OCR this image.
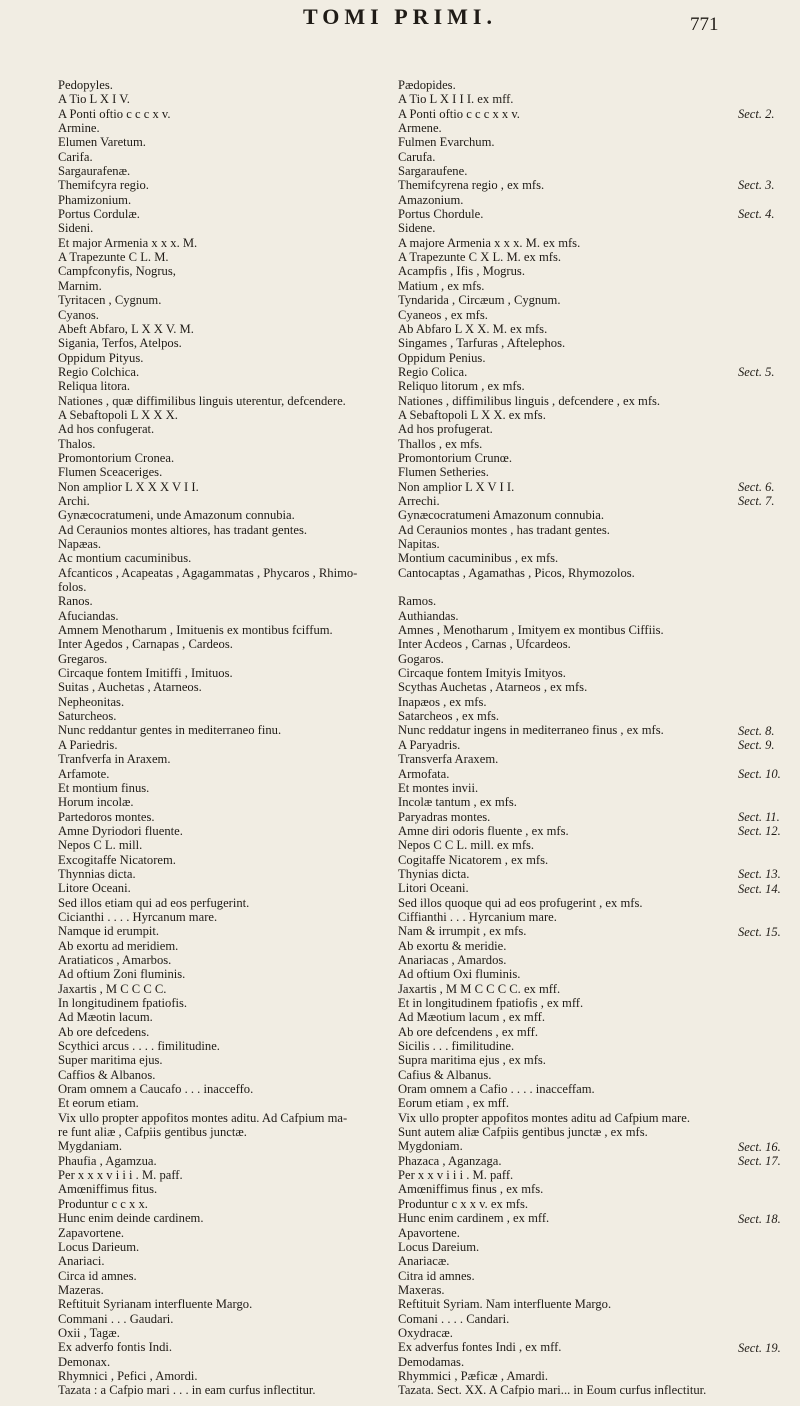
TOMI PRIMI.	771
Pedopyles.
A Tio L X I V.
A Ponti oftio c c c x v.
Armine.
Elumen Varetum.
Carifa.
Sargaurafenæ.
Themifcyra regio.
Phamizonium.
Portus Cordulæ.
Sideni.
Et major Armenia x x x. M.
A Trapezunte C L. M.
Campfconyfis, Nogrus,
Marnim.
Tyritacen , Cygnum.
Cyanos.
Abeft Abfaro, L X X V. M.
Sigania, Terfos, Atelpos.
Oppidum Pityus.
Regio Colchica.
Reliqua litora.
Nationes , quæ diffimilibus linguis uterentur, defcendere.
A Sebaftopoli L X X X.
Ad hos confugerat.
Thalos.
Promontorium Cronea.
Flumen Sceaceriges.
Non amplior L X X X V I I.
Archi.
Gynæcocratumeni, unde Amazonum connubia.
Ad Ceraunios montes altiores, has tradant gentes.
Napæas.
Ac montium cacuminibus.
Afcanticos , Acapeatas , Agagammatas , Phycaros , Rhimo-
folos.
Ranos.
Afuciandas.
Amnem Menotharum , Imituenis ex montibus fciffum.
Inter Agedos , Carnapas , Cardeos.
Gregaros.
Circaque fontem Imitiffi , Imituos.
Suitas , Auchetas , Atarneos.
Nepheonitas.
Saturcheos.
Nunc reddantur gentes in mediterraneo finu.
A Pariedris.
Tranfverfa in Araxem.
Arfamote.
Et montium finus.
Horum incolæ.
Partedoros montes.
Amne Dyriodori fluente.
Nepos C L. mill.
Excogitaffe Nicatorem.
Thynnias dicta.
Litore Oceani.
Sed illos etiam qui ad eos perfugerint.
Cicianthi . . . . Hyrcanum mare.
Namque id erumpit.
Ab exortu ad meridiem.
Aratiaticos , Amarbos.
Ad oftium Zoni fluminis.
Jaxartis , M C C C C.
In longitudinem fpatiofis.
Ad Mæotin lacum.
Ab ore defcedens.
Scythici arcus . . . . fimilitudine.
Super maritima ejus.
Caffios & Albanos.
Oram omnem a Caucafo . . . inacceffo.
Et eorum etiam.
Vix ullo propter appofitos montes aditu. Ad Cafpium ma-
re funt aliæ , Cafpiis gentibus junctæ.
Mygdaniam.
Phaufia , Agamzua.
Per x x x v i i i . M. paff.
Amœniffimus fitus.
Produntur c c x x.
Hunc enim deinde cardinem.
Zapavortene.
Locus Darieum.
Anariaci.
Circa id amnes.
Mazeras.
Reftituit Syrianam interfluente Margo.
Commani . . . Gaudari.
Oxii , Tagæ.
Ex adverfo fontis Indi.
Demonax.
Rhymnici , Pefici , Amordi.
Tazata : a Cafpio mari . . . in eam curfus inflectitur.
Pædopides.
A Tio L X I I I. ex mff.
A Ponti oftio c c c x x v.
Armene.
Fulmen Evarchum.
Carufa.
Sargaraufene.
Themifcyrena regio , ex mfs.
Amazonium.
Portus Chordule.
Sidene.
A majore Armenia x x x. M. ex mfs.
A Trapezunte C X L. M. ex mfs.
Acampfis , Ifis , Mogrus.
Matium , ex mfs.
Tyndarida , Circæum , Cygnum.
Cyaneos , ex mfs.
Ab Abfaro L X X. M. ex mfs.
Singames , Tarfuras , Aftelephos.
Oppidum Penius.
Regio Colica.
Reliquo litorum , ex mfs.
Nationes , diffimilibus linguis , defcendere , ex mfs.
A Sebaftopoli L X X. ex mfs.
Ad hos profugerat.
Thallos , ex mfs.
Promontorium Crunœ.
Flumen Setheries.
Non amplior L X V I I.
Arrechi.
Gynæcocratumeni Amazonum connubia.
Ad Ceraunios montes , has tradant gentes.
Napitas.
Montium cacuminibus , ex mfs.
Cantocaptas , Agamathas , Picos, Rhymozolos.
Ramos.
Authiandas.
Amnes , Menotharum , Imityem ex montibus Ciffiis.
Inter Acdeos , Carnas , Ufcardeos.
Gogaros.
Circaque fontem Imityis Imityos.
Scythas Auchetas , Atarneos , ex mfs.
Inapæos , ex mfs.
Satarcheos , ex mfs.
Nunc reddatur ingens in mediterraneo finus , ex mfs.
A Paryadris.
Transverfa Araxem.
Armofata.
Et montes invii.
Incolæ tantum , ex mfs.
Paryadras montes.
Amne diri odoris fluente , ex mfs.
Nepos C C L. mill. ex mfs.
Cogitaffe Nicatorem , ex mfs.
Thynias dicta.
Litori Oceani.
Sed illos quoque qui ad eos profugerint , ex mfs.
Ciffianthi . . . Hyrcanium mare.
Nam & irrumpit , ex mfs.
Ab exortu & meridie.
Anariacas , Amardos.
Ad oftium Oxi fluminis.
Jaxartis , M M C C C C. ex mff.
Et in longitudinem fpatiofis , ex mff.
Ad Mæotium lacum , ex mff.
Ab ore defcendens , ex mff.
Sicilis . . . fimilitudine.
Supra maritima ejus , ex mfs.
Cafius & Albanus.
Oram omnem a Cafio . . . . inacceffam.
Eorum etiam , ex mff.
Vix ullo propter appofitos montes aditu ad Cafpium mare.
Sunt autem aliæ Cafpiis gentibus junctæ , ex mfs.
Mygdoniam.
Phazaca , Aganzaga.
Per x x v i i i . M. paff.
Amœniffimus finus , ex mfs.
Produntur c x x v. ex mfs.
Hunc enim cardinem , ex mff.
Apavortene.
Locus Dareium.
Anariacæ.
Citra id amnes.
Maxeras.
Reftituit Syriam. Nam interfluente Margo.
Comani . . . . Candari.
Oxydracæ.
Ex adverfus fontes Indi , ex mff.
Demodamas.
Rhymmici , Pæficæ , Amardi.
Tazata. Sect. XX. A Cafpio mari... in Eoum curfus inflectitur.
Sect. 2.
Sect. 3.
Sect. 4.
Sect. 5.
Sect. 6.
Sect. 7.
Sect. 8.
Sect. 9.
Sect. 10.
Sect. 11.
Sect. 12.
Sect. 13.
Sect. 14.
Sect. 15.
Sect. 16.
Sect. 17.
Sect. 18.
Sect. 19.
